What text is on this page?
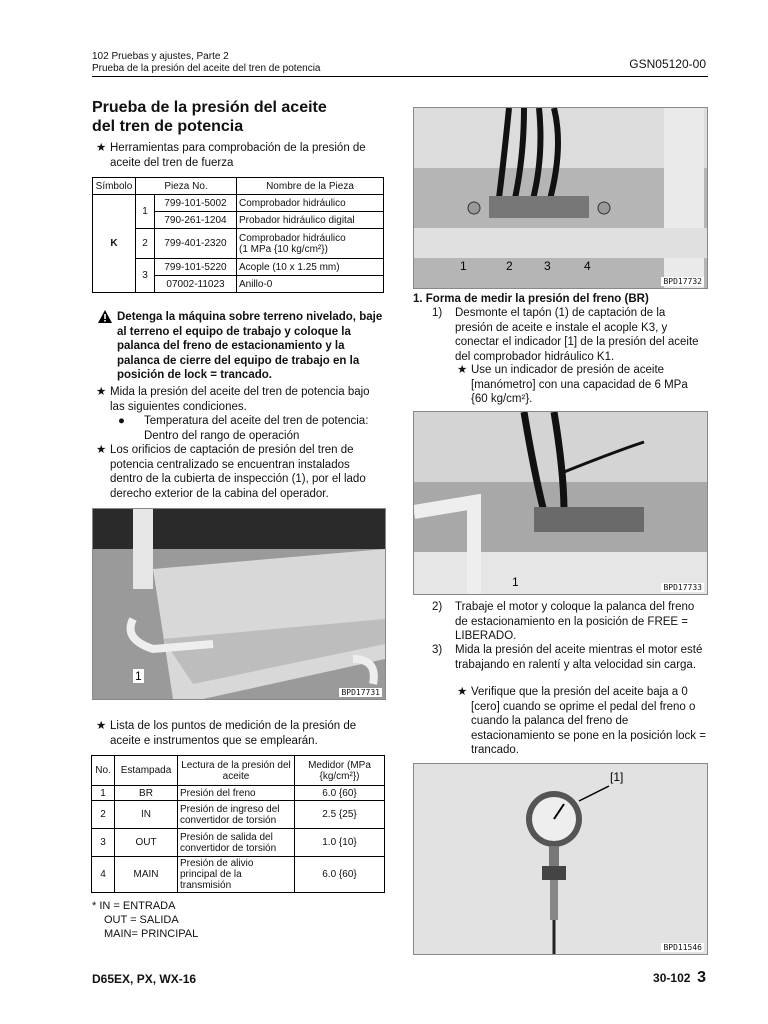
102 Pruebas y ajustes, Parte 2
Prueba de la presión del aceite del tren de potencia	GSN05120-00
Prueba de la presión del aceite
del tren de potencia
★ Herramientas para comprobación de la presión de aceite del tren de fuerza
Símbolo	Pieza No.		Nombre de la Pieza
K	1	799-101-5002	Comprobador hidráulico
		790-261-1204	Probador hidráulico digital
	2	799-401-2320	Comprobador hidráulico
(1 MPa {10 kg/cm²})

	3	799-101-5220	Acople (10 x 1.25 mm)
		07002-11023	Anillo-0
Detenga la máquina sobre terreno nivelado, baje al terreno el equipo de trabajo y coloque la palanca del freno de estacionamiento y la palanca de cierre del equipo de trabajo en la posición de lock = trancado.
★ Mida la presión del aceite del tren de potencia bajo las siguientes condiciones.
● Temperatura del aceite del tren de potencia: Dentro del rango de operación
★ Los orificios de captación de presión del tren de potencia centralizado se encuentran instalados dentro de la cubierta de inspección (1), por el lado derecho exterior de la cabina del operador.
1
BPD17731
★ Lista de los puntos de medición de la presión de aceite e instrumentos que se emplearán.
No.	Estampada	Lectura de la presión del aceite	Medidor (MPa {kg/cm²})
1	BR	Presión del freno	6.0 {60}
2	IN	Presión de ingreso del convertidor de torsión	2.5 {25}
3	OUT	Presión de salida del convertidor de torsión	1.0 {10}
4	MAIN	Presión de alivio principal de la transmisión	6.0 {60}
* IN = ENTRADA
OUT = SALIDA
MAIN= PRINCIPAL
1	2	3	4
BPD17732
1. Forma de medir la presión del freno (BR)
1) Desmonte el tapón (1) de captación de la presión de aceite e instale el acople K3, y conectar el indicador [1] de la presión del aceite del comprobador hidráulico K1.
★ Use un indicador de presión de aceite [manómetro] con una capacidad de 6 MPa {60 kg/cm²}.
1	BPD17733
2) Trabaje el motor y coloque la palanca del freno de estacionamiento en la posición de FREE = LIBERADO.
3) Mida la presión del aceite mientras el motor esté trabajando en ralentí y alta velocidad sin carga.
★ Verifique que la presión del aceite baja a 0 [cero] cuando se oprime el pedal del freno o cuando la palanca del freno de estacionamiento se pone en la posición lock = trancado.
[1]
BPD11546
D65EX, PX, WX-16	30-102 3
